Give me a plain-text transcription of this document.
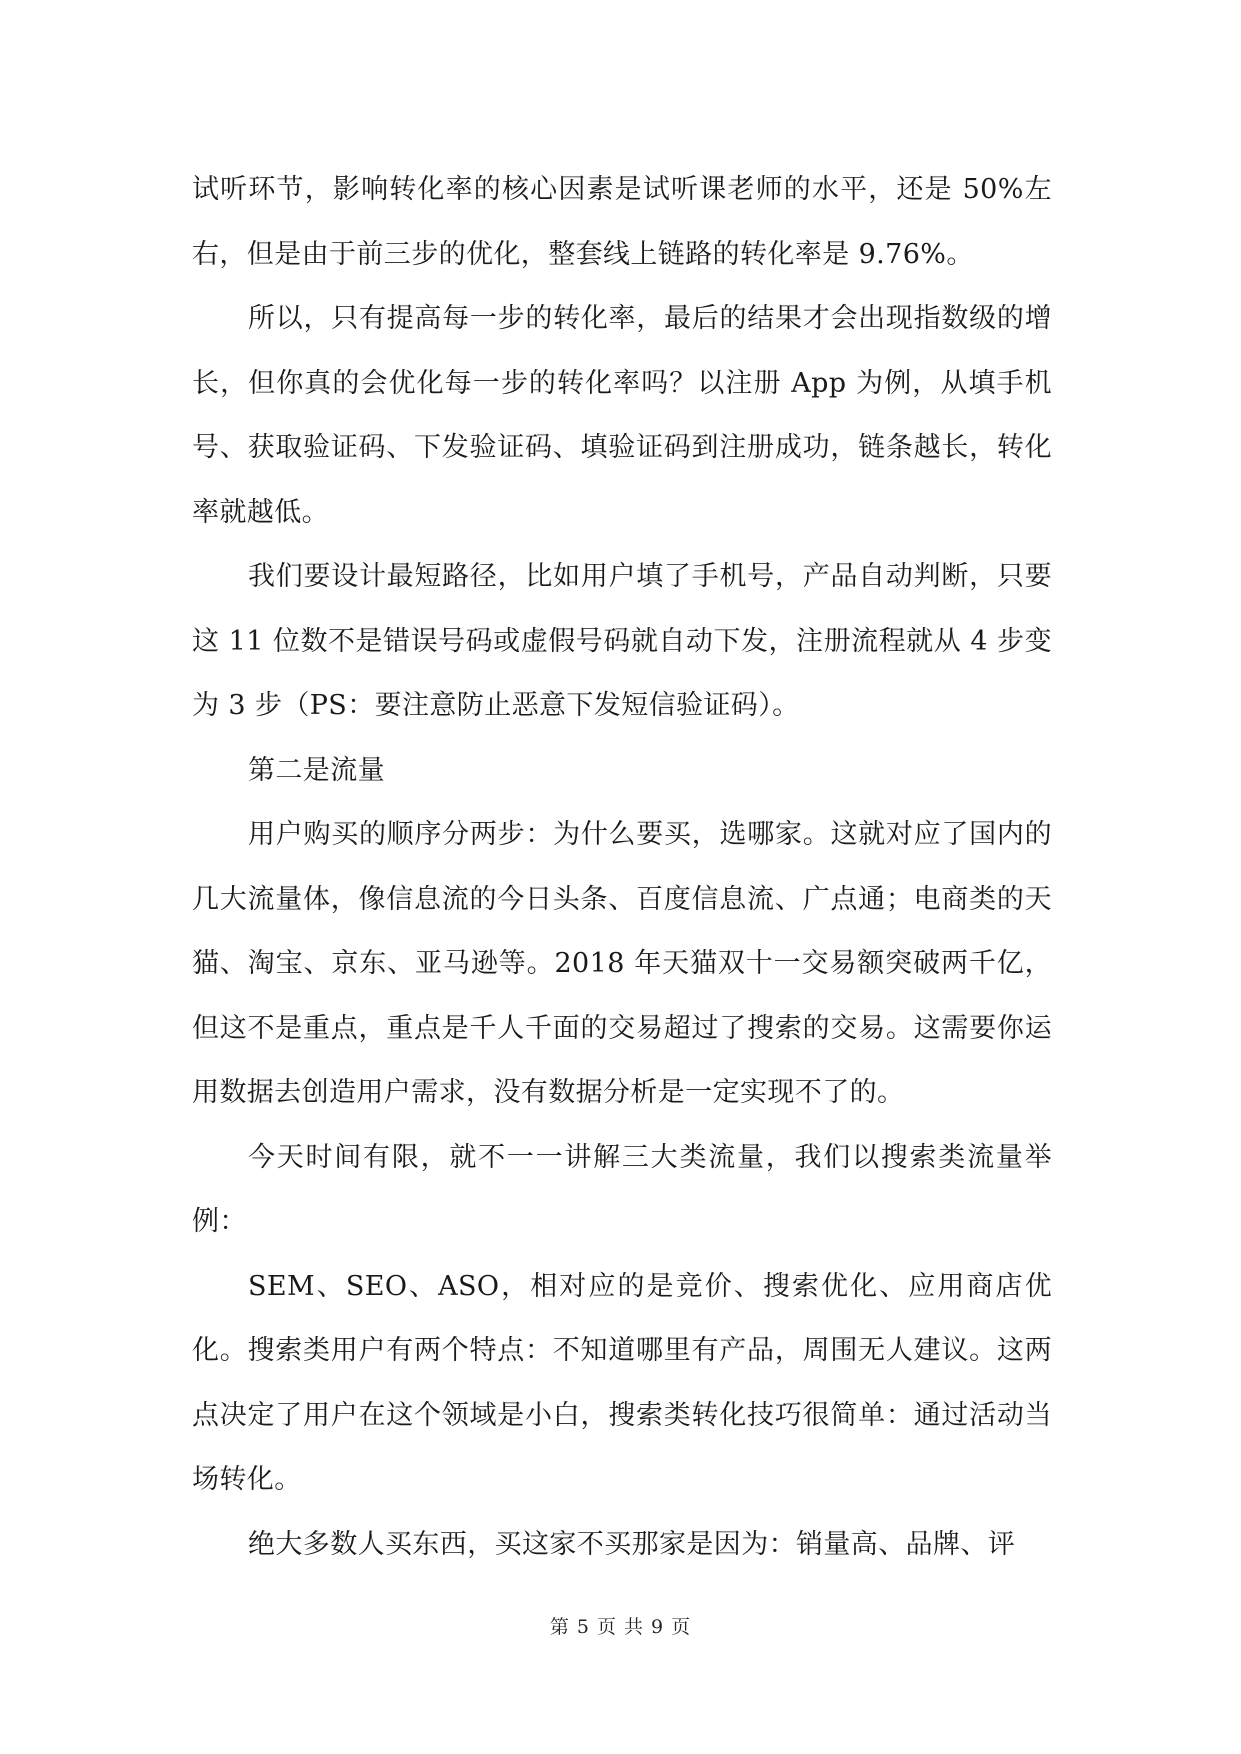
试听环节，影响转化率的核心因素是试听课老师的水平，还是 50%左右，但是由于前三步的优化，整套线上链路的转化率是 9.76%。

所以，只有提高每一步的转化率，最后的结果才会出现指数级的增长，但你真的会优化每一步的转化率吗？以注册 App 为例，从填手机号、获取验证码、下发验证码、填验证码到注册成功，链条越长，转化率就越低。

我们要设计最短路径，比如用户填了手机号，产品自动判断，只要这 11 位数不是错误号码或虚假号码就自动下发，注册流程就从 4 步变为 3 步（PS：要注意防止恶意下发短信验证码）。

第二是流量

用户购买的顺序分两步：为什么要买，选哪家。这就对应了国内的几大流量体，像信息流的今日头条、百度信息流、广点通；电商类的天猫、淘宝、京东、亚马逊等。2018 年天猫双十一交易额突破两千亿，但这不是重点，重点是千人千面的交易超过了搜索的交易。这需要你运用数据去创造用户需求，没有数据分析是一定实现不了的。

今天时间有限，就不一一讲解三大类流量，我们以搜索类流量举例：

SEM、SEO、ASO，相对应的是竞价、搜索优化、应用商店优化。搜索类用户有两个特点：不知道哪里有产品，周围无人建议。这两点决定了用户在这个领域是小白，搜索类转化技巧很简单：通过活动当场转化。

绝大多数人买东西，买这家不买那家是因为：销量高、品牌、评

第 5 页 共 9 页
